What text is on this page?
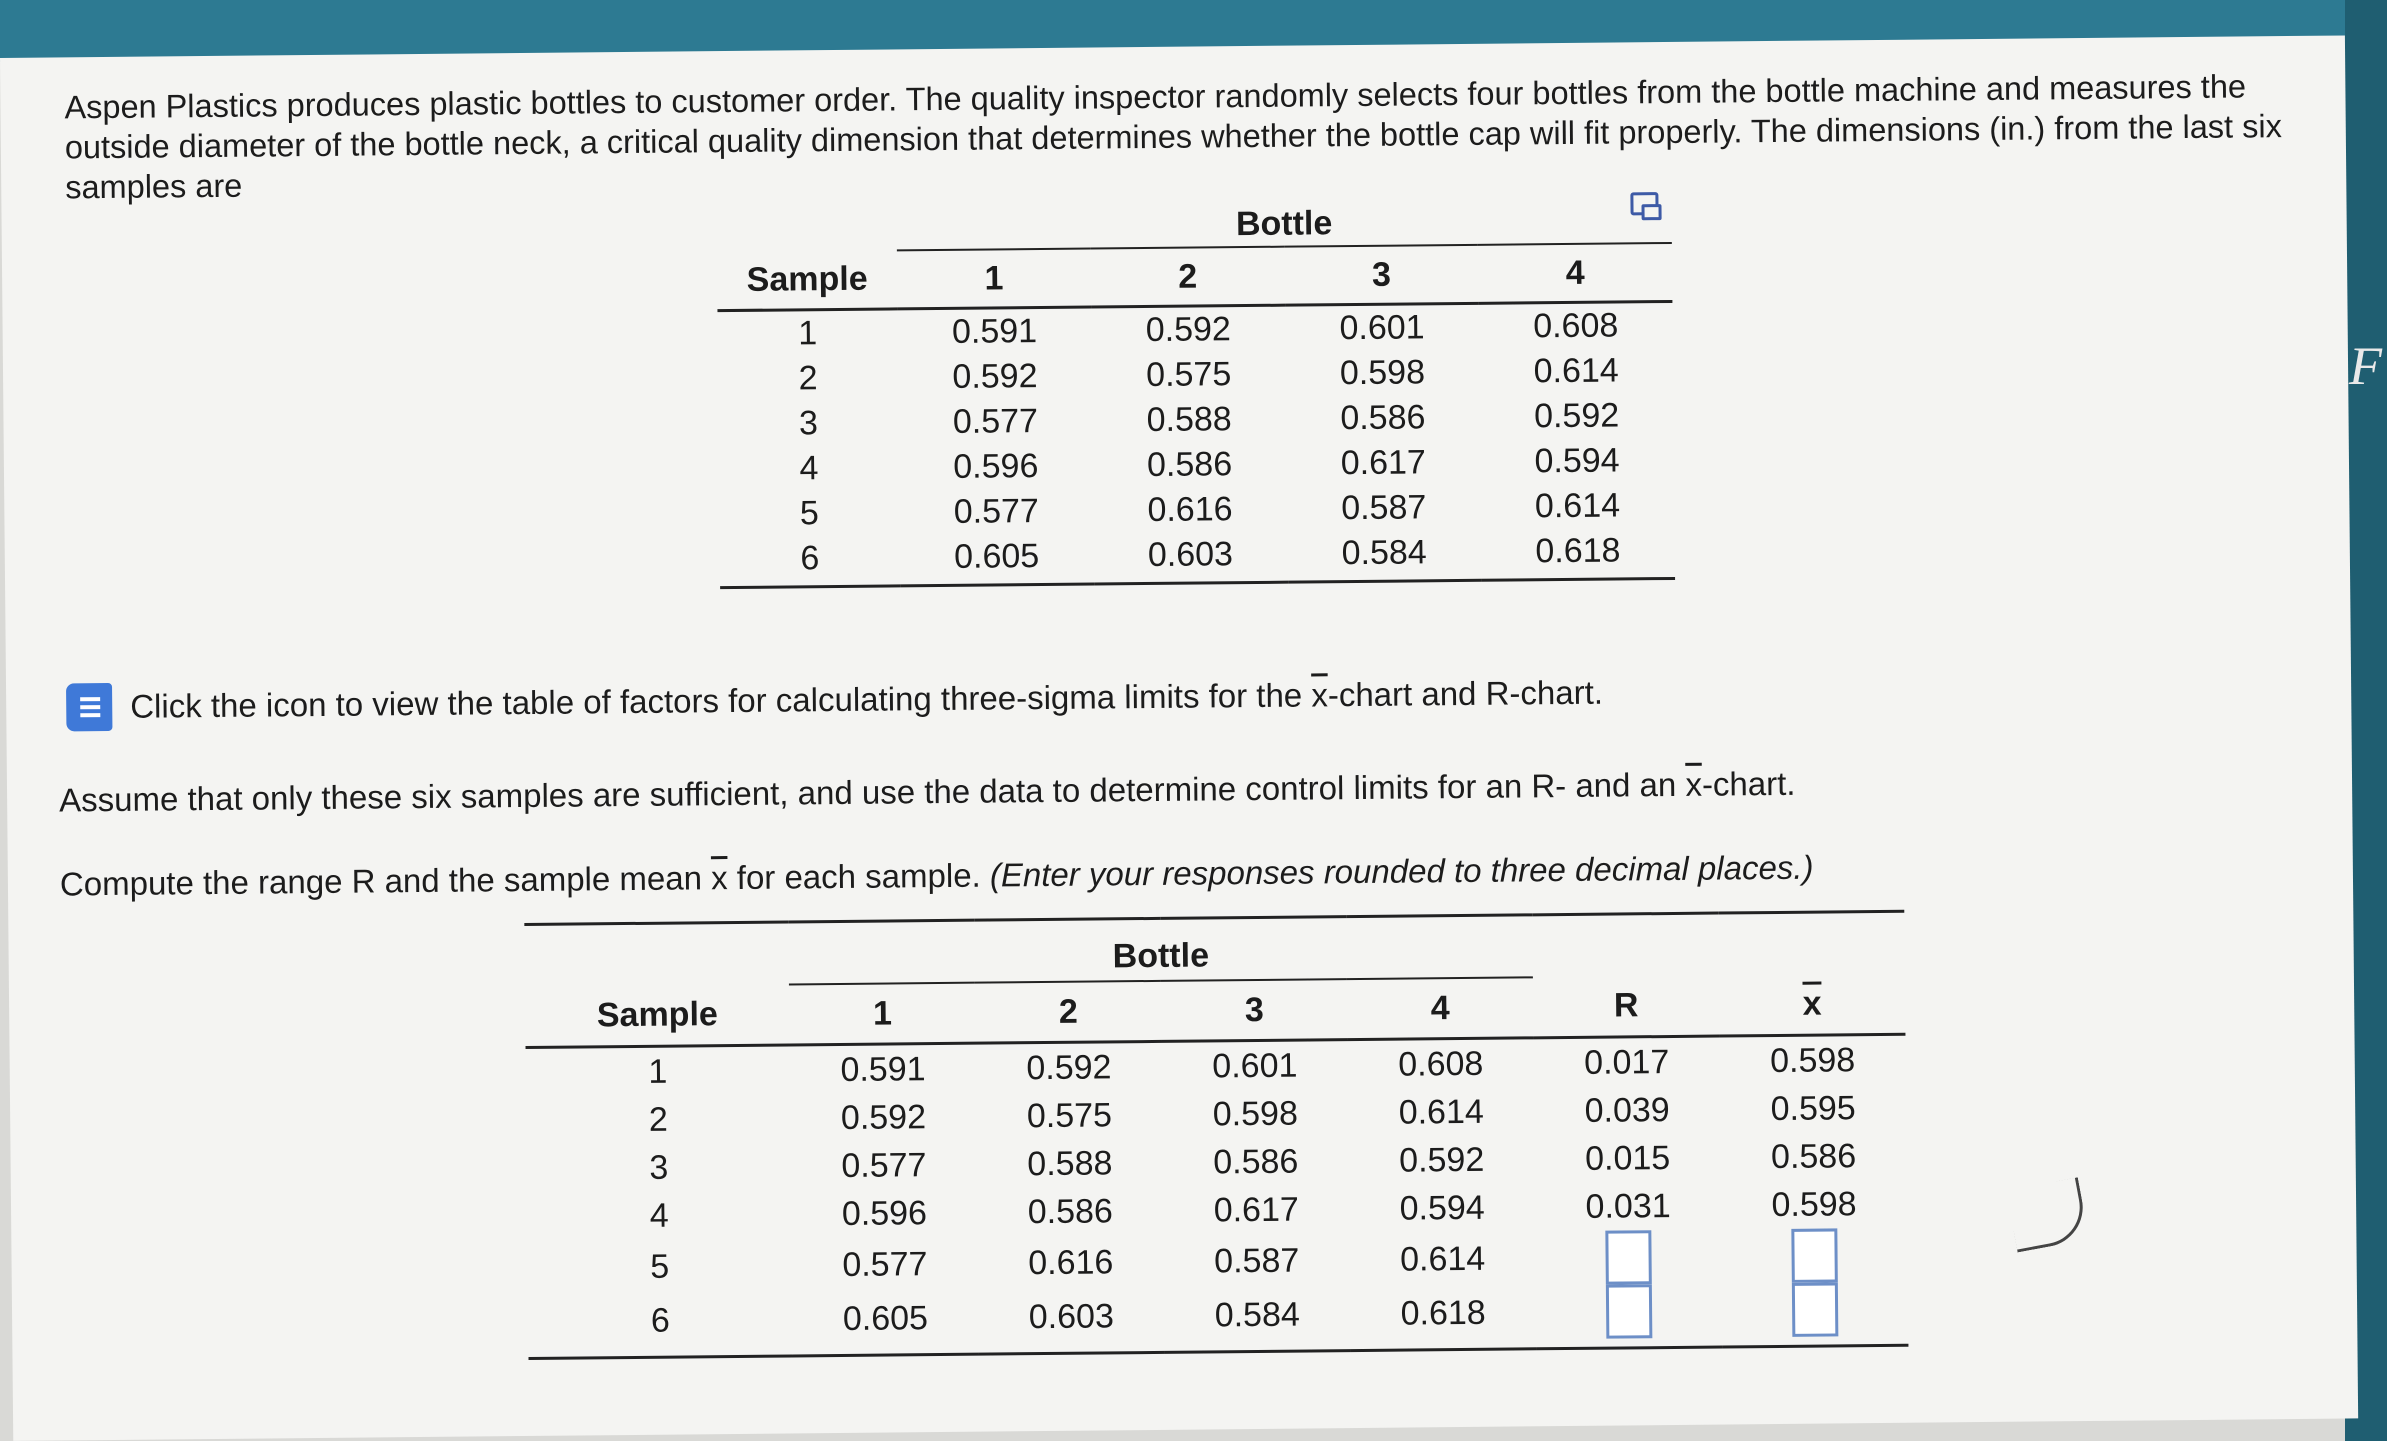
F
Aspen Plastics produces plastic bottles to customer order. The quality inspector randomly selects four bottles from the bottle machine and measures the outside diameter of the bottle neck, a critical quality dimension that determines whether the bottle cap will fit properly. The dimensions (in.) from the last six samples are
	Bottle			
Sample	1	2	3	4
1	0.591	0.592	0.601	0.608
2	0.592	0.575	0.598	0.614
3	0.577	0.588	0.586	0.592
4	0.596	0.586	0.617	0.594
5	0.577	0.616	0.587	0.614
6	0.605	0.603	0.584	0.618
Click the icon to view the table of factors for calculating three-sigma limits for the $\overline{x}$-chart and R-chart.
Assume that only these six samples are sufficient, and use the data to determine control limits for an R- and an $\overline{x}$-chart.
Compute the range R and the sample mean $\overline{x}$ for each sample. (Enter your responses rounded to three decimal places.)
	Bottle					
Sample	1	2	3	4	R	$\overline{x}$
1	0.591	0.592	0.601	0.608	0.017	0.598
2	0.592	0.575	0.598	0.614	0.039	0.595
3	0.577	0.588	0.586	0.592	0.015	0.586
4	0.596	0.586	0.617	0.594	0.031	0.598
5	0.577	0.616	0.587	0.614		
6	0.605	0.603	0.584	0.618		
